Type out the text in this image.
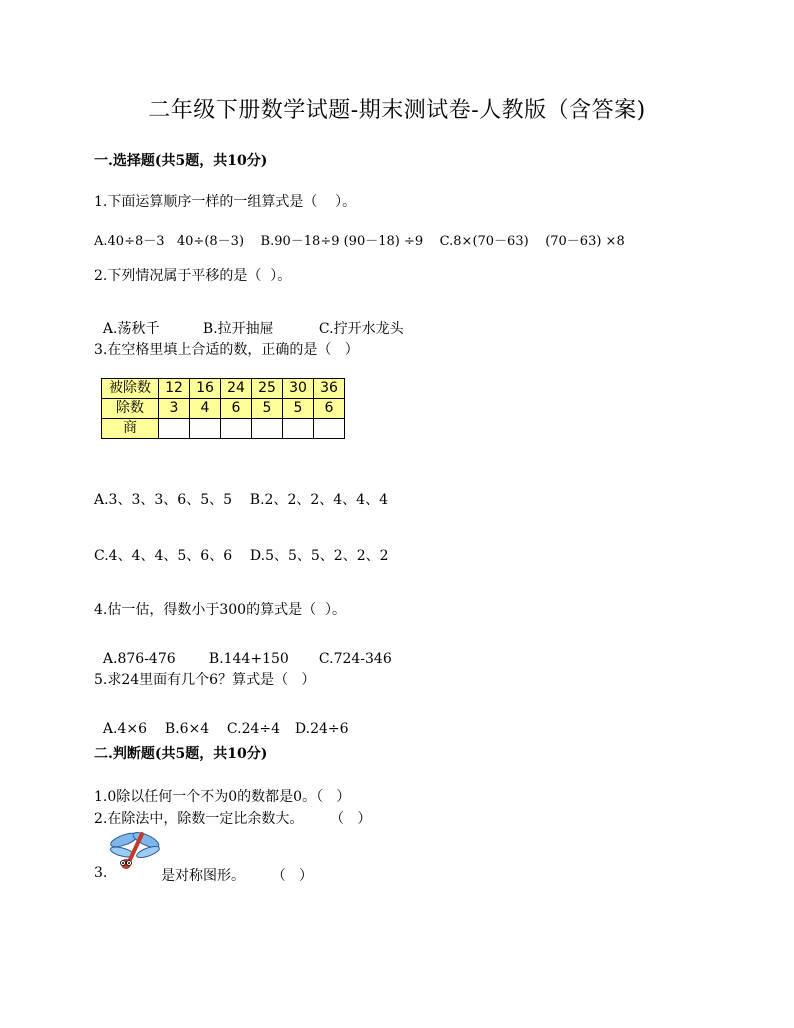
二年级下册数学试题-期末测试卷-人教版（含答案)
一.选择题(共5题，共10分)
1.下面运算顺序一样的一组算式是（    ）。
A.40÷8－3   40÷(8－3)    B.90－18÷9 (90－18) ÷9    C.8×(70－63)    (70－63) ×8
2.下列情况属于平移的是（  ）。

A.荡秋千	B.拉开抽屉	C.拧开水龙头

3.在空格里填上合适的数，正确的是（   ）
被除数	12	16	24	25	30	36
除数	3	4	6	5	5	6
商						
A.3、3、3、6、5、5    B.2、2、2、4、4、4
C.4、4、4、5、6、6    D.5、5、5、2、2、2
4.估一估，得数小于300的算式是（  ）。

A.876-476 B.144+150 C.724-346

5.求24里面有几个6？算式是（   ）

A.4×6 B.6×4 C.24÷4 D.24÷6

二.判断题(共5题，共10分)
1.0除以任何一个不为0的数都是0。（   ）
2.在除法中，除数一定比余数大。      （   ）
3.	是对称图形。      （   ）
